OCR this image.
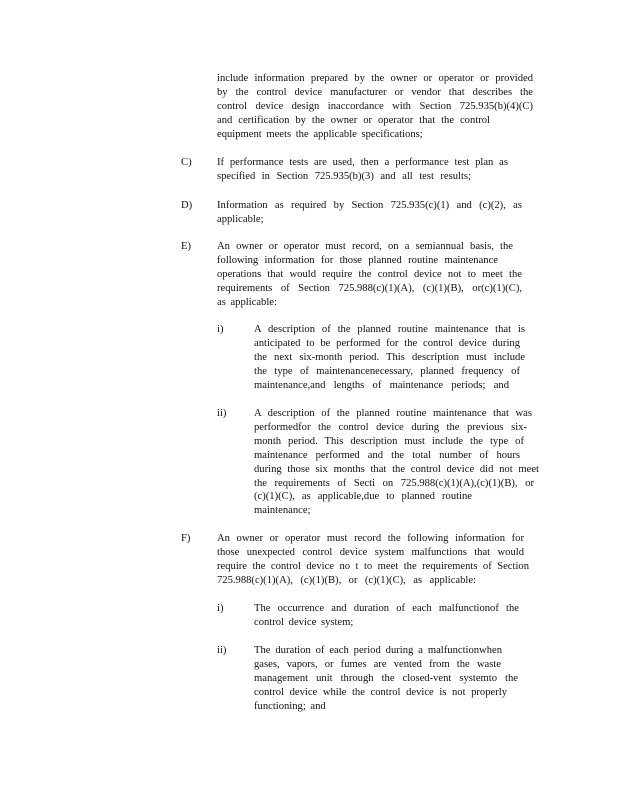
include information prepared by the owner or operator or provided
by the control device manufacturer or vendor that describes the
control device design inaccordance with Section 725.935(b)(4)(C)
and certification by the owner or operator that the control
equipment meets the applicable specifications;
C) If performance tests are used, then a performance test plan as
specified in Section 725.935(b)(3) and all test results;
D) Information as required by Section 725.935(c)(1) and (c)(2), as
applicable;
E) An owner or operator must record, on a semiannual basis, the
following information for those planned routine maintenance
operations that would require the control device not to meet the
requirements of Section 725.988(c)(1)(A), (c)(1)(B), or(c)(1)(C),
as applicable:
i)	A description of the planned routine maintenance that is
anticipated to be performed for the control device during
the next six-month period. This description must include
the type of maintenancenecessary, planned frequency of
maintenance,and lengths of maintenance periods; and
ii)	A description of the planned routine maintenance that was
performedfor the control device during the previous six-
month period. This description must include the type of
maintenance performed and the total number of hours
during those six months that the control device did not meet
the requirements of Secti on 725.988(c)(1)(A),(c)(1)(B), or
(c)(1)(C), as applicable,due to planned routine
maintenance;
F)	An owner or operator must record the following information for
those unexpected control device system malfunctions that would
require the control device no t to meet the requirements of Section
725.988(c)(1)(A), (c)(1)(B), or (c)(1)(C), as applicable:
i)	The occurrence and duration of each malfunctionof the
control device system;
ii)	The duration of each period during a malfunctionwhen
gases, vapors, or fumes are vented from the waste
management unit through the closed-vent systemto the
control device while the control device is not properly
functioning; and
